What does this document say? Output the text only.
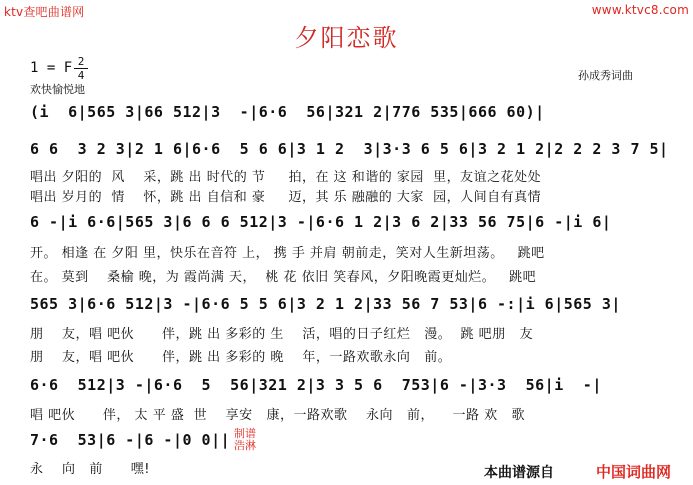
ktv查吧曲谱网	www.ktvc8.com
夕阳恋歌
1 = F 2
4
欢快愉悦地
孙成秀词曲
(i  6|565 3|66 512|3  -|6·6  56|321 2|776 535|666 60)|
6 6  3 2 3|2 1 6|6·6  5 6 6|3 1 2  3|3·3 6 5 6|3 2 1 2|2 2 2 3 7 5|
唱出 夕阳的  风    采，跳 出 时代的 节     拍，在 这 和谐的 家园  里，友谊之花处处
唱出 岁月的  情    怀，跳 出 自信和 豪     迈，其 乐 融融的 大家  园，人间自有真情
6 -|i 6·6|565 3|6 6 6 512|3 -|6·6 1 2|3 6 2|33 56 75|6 -|i 6|
开。 相逢 在 夕阳 里，快乐在音符 上， 携 手 并肩 朝前走，笑对人生新坦荡。   跳吧
在。 莫到    桑榆 晚，为 霞尚满 天，  桃 花 依旧 笑春风，夕阳晚霞更灿烂。   跳吧
565 3|6·6 512|3 -|6·6 5 5 6|3 2 1 2|33 56 7 53|6 -:|i 6|565 3|
朋    友，唱 吧伙      伴，跳 出 多彩的 生    活，唱的日子红烂   漫。  跳 吧朋   友
朋    友，唱 吧伙      伴，跳 出 多彩的 晚    年，一路欢歌永向   前。
6·6  512|3 -|6·6  5  56|321 2|3 3 5 6  753|6 -|3·3  56|i  -|
唱 吧伙      伴， 太 平 盛  世    享安   康，一路欢歌    永向   前，    一路 欢   歌
7·6  53|6 -|6 -|0 0||
永    向   前      嘿!
制谱 浩淋
本曲谱源自	中国词曲网
